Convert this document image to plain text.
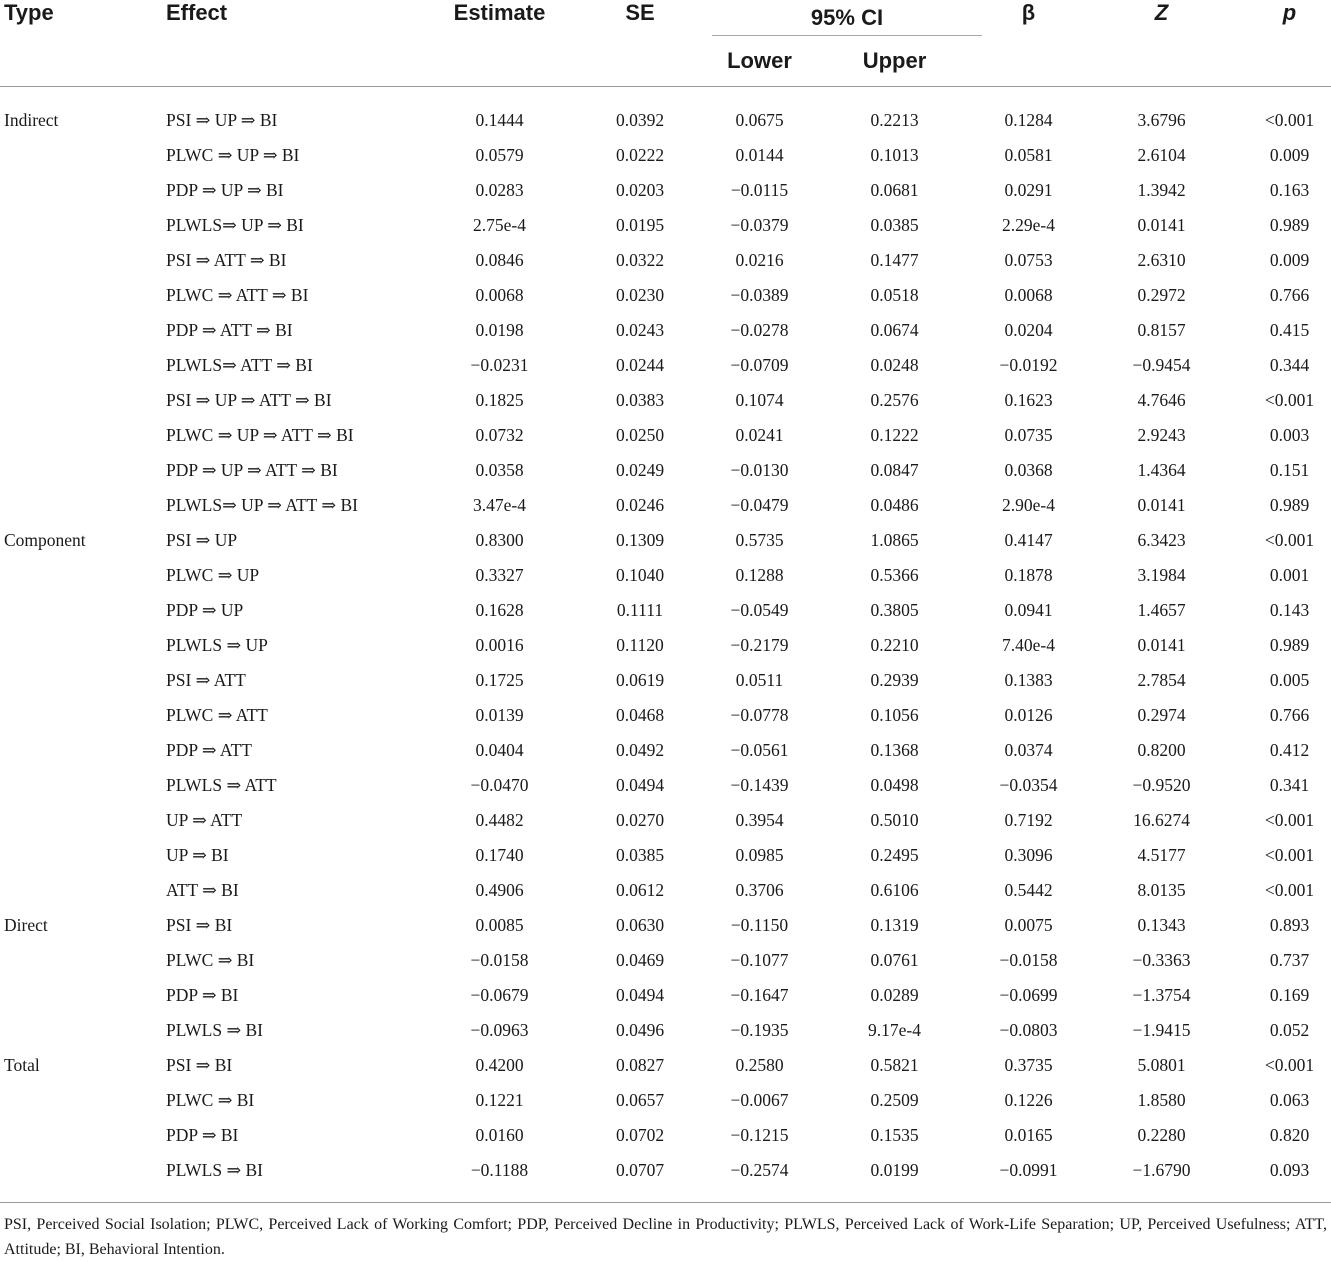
Type	Effect	Estimate	SE	95% CI		β	Z	p
				Lower	Upper			

Indirect	PSI ⇒ UP ⇒ BI	0.1444	0.0392	0.0675	0.2213	0.1284	3.6796	<0.001
	PLWC ⇒ UP ⇒ BI	0.0579	0.0222	0.0144	0.1013	0.0581	2.6104	0.009
	PDP ⇒ UP ⇒ BI	0.0283	0.0203	−0.0115	0.0681	0.0291	1.3942	0.163
	PLWLS⇒ UP ⇒ BI	2.75e-4	0.0195	−0.0379	0.0385	2.29e-4	0.0141	0.989
	PSI ⇒ ATT ⇒ BI	0.0846	0.0322	0.0216	0.1477	0.0753	2.6310	0.009
	PLWC ⇒ ATT ⇒ BI	0.0068	0.0230	−0.0389	0.0518	0.0068	0.2972	0.766
	PDP ⇒ ATT ⇒ BI	0.0198	0.0243	−0.0278	0.0674	0.0204	0.8157	0.415
	PLWLS⇒ ATT ⇒ BI	−0.0231	0.0244	−0.0709	0.0248	−0.0192	−0.9454	0.344
	PSI ⇒ UP ⇒ ATT ⇒ BI	0.1825	0.0383	0.1074	0.2576	0.1623	4.7646	<0.001
	PLWC ⇒ UP ⇒ ATT ⇒ BI	0.0732	0.0250	0.0241	0.1222	0.0735	2.9243	0.003
	PDP ⇒ UP ⇒ ATT ⇒ BI	0.0358	0.0249	−0.0130	0.0847	0.0368	1.4364	0.151
	PLWLS⇒ UP ⇒ ATT ⇒ BI	3.47e-4	0.0246	−0.0479	0.0486	2.90e-4	0.0141	0.989
Component	PSI ⇒ UP	0.8300	0.1309	0.5735	1.0865	0.4147	6.3423	<0.001
	PLWC ⇒ UP	0.3327	0.1040	0.1288	0.5366	0.1878	3.1984	0.001
	PDP ⇒ UP	0.1628	0.1111	−0.0549	0.3805	0.0941	1.4657	0.143
	PLWLS ⇒ UP	0.0016	0.1120	−0.2179	0.2210	7.40e-4	0.0141	0.989
	PSI ⇒ ATT	0.1725	0.0619	0.0511	0.2939	0.1383	2.7854	0.005
	PLWC ⇒ ATT	0.0139	0.0468	−0.0778	0.1056	0.0126	0.2974	0.766
	PDP ⇒ ATT	0.0404	0.0492	−0.0561	0.1368	0.0374	0.8200	0.412
	PLWLS ⇒ ATT	−0.0470	0.0494	−0.1439	0.0498	−0.0354	−0.9520	0.341
	UP ⇒ ATT	0.4482	0.0270	0.3954	0.5010	0.7192	16.6274	<0.001
	UP ⇒ BI	0.1740	0.0385	0.0985	0.2495	0.3096	4.5177	<0.001
	ATT ⇒ BI	0.4906	0.0612	0.3706	0.6106	0.5442	8.0135	<0.001
Direct	PSI ⇒ BI	0.0085	0.0630	−0.1150	0.1319	0.0075	0.1343	0.893
	PLWC ⇒ BI	−0.0158	0.0469	−0.1077	0.0761	−0.0158	−0.3363	0.737
	PDP ⇒ BI	−0.0679	0.0494	−0.1647	0.0289	−0.0699	−1.3754	0.169
	PLWLS ⇒ BI	−0.0963	0.0496	−0.1935	9.17e-4	−0.0803	−1.9415	0.052
Total	PSI ⇒ BI	0.4200	0.0827	0.2580	0.5821	0.3735	5.0801	<0.001
	PLWC ⇒ BI	0.1221	0.0657	−0.0067	0.2509	0.1226	1.8580	0.063
	PDP ⇒ BI	0.0160	0.0702	−0.1215	0.1535	0.0165	0.2280	0.820
	PLWLS ⇒ BI	−0.1188	0.0707	−0.2574	0.0199	−0.0991	−1.6790	0.093

PSI, Perceived Social Isolation; PLWC, Perceived Lack of Working Comfort; PDP, Perceived Decline in Productivity; PLWLS, Perceived Lack of Work-Life Separation; UP, Perceived Usefulness; ATT, Attitude; BI, Behavioral Intention.
